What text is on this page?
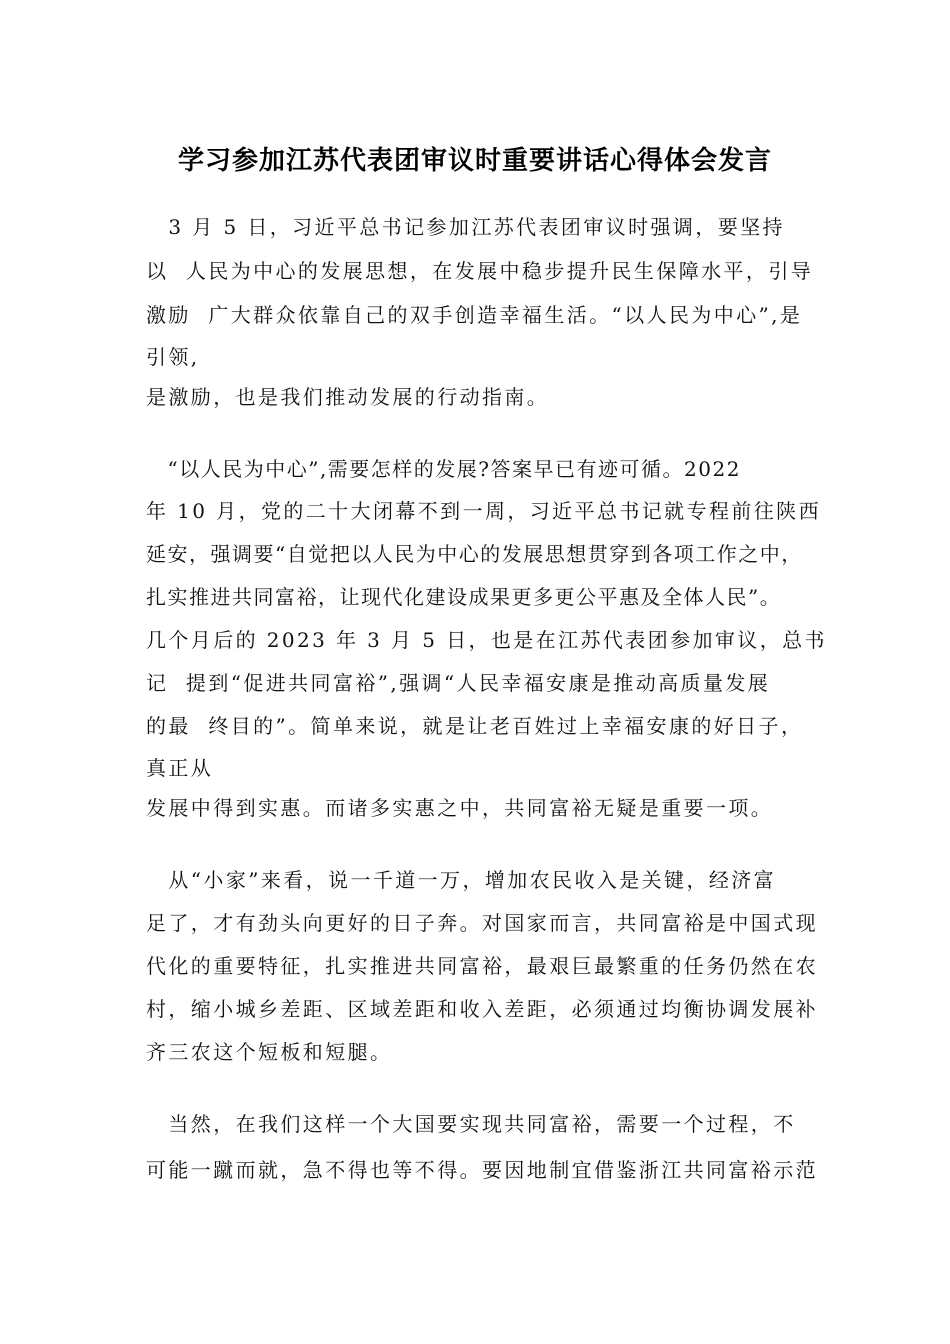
学习参加江苏代表团审议时重要讲话心得体会发言
　3 月 5 日，习近平总书记参加江苏代表团审议时强调，要坚持
以  人民为中心的发展思想，在发展中稳步提升民生保障水平，引导
激励  广大群众依靠自己的双手创造幸福生活。“以人民为中心”,是
引领,
是激励，也是我们推动发展的行动指南。
　“以人民为中心”,需要怎样的发展?答案早已有迹可循。2022
年 10 月，党的二十大闭幕不到一周，习近平总书记就专程前往陕西
延安，强调要“自觉把以人民为中心的发展思想贯穿到各项工作之中，
扎实推进共同富裕，让现代化建设成果更多更公平惠及全体人民”。
几个月后的 2023 年 3 月 5 日，也是在江苏代表团参加审议，总书
记  提到“促进共同富裕”,强调“人民幸福安康是推动高质量发展
的最  终目的”。简单来说，就是让老百姓过上幸福安康的好日子，
真正从
发展中得到实惠。而诸多实惠之中，共同富裕无疑是重要一项。
　从“小家”来看，说一千道一万，增加农民收入是关键，经济富
足了，才有劲头向更好的日子奔。对国家而言，共同富裕是中国式现
代化的重要特征，扎实推进共同富裕，最艰巨最繁重的任务仍然在农
村，缩小城乡差距、区域差距和收入差距，必须通过均衡协调发展补
齐三农这个短板和短腿。
　当然，在我们这样一个大国要实现共同富裕，需要一个过程，不
可能一蹴而就，急不得也等不得。要因地制宜借鉴浙江共同富裕示范
